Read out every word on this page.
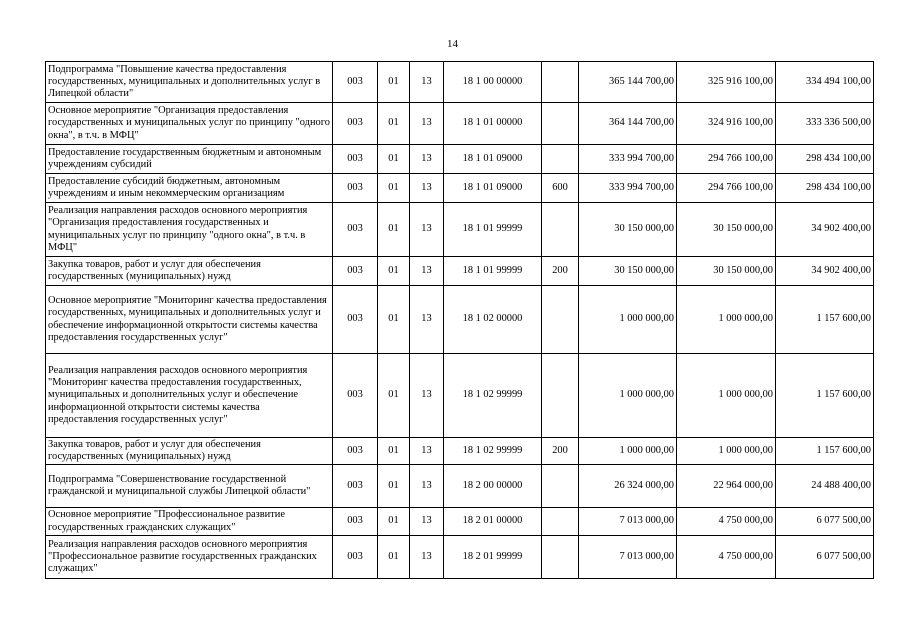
14
Подпрограмма "Повышение качества предоставления государственных, муниципальных и дополнительных услуг в Липецкой области"	003	01	13	18 1 00 00000		365 144 700,00	325 916 100,00	334 494 100,00
Основное мероприятие "Организация предоставления государственных и муниципальных услуг по принципу "одного окна", в т.ч. в МФЦ"	003	01	13	18 1 01 00000		364 144 700,00	324 916 100,00	333 336 500,00
Предоставление государственным бюджетным и автономным учреждениям субсидий	003	01	13	18 1 01 09000		333 994 700,00	294 766 100,00	298 434 100,00
Предоставление субсидий бюджетным, автономным учреждениям и иным некоммерческим организациям	003	01	13	18 1 01 09000	600	333 994 700,00	294 766 100,00	298 434 100,00
Реализация направления расходов основного мероприятия "Организация предоставления государственных и муниципальных услуг по принципу "одного окна", в т.ч. в МФЦ"	003	01	13	18 1 01 99999		30 150 000,00	30 150 000,00	34 902 400,00
Закупка товаров, работ и услуг для обеспечения государственных (муниципальных) нужд	003	01	13	18 1 01 99999	200	30 150 000,00	30 150 000,00	34 902 400,00
Основное мероприятие "Мониторинг качества предоставления государственных, муниципальных и дополнительных услуг и обеспечение информационной открытости системы качества предоставления государственных услуг"	003	01	13	18 1 02 00000		1 000 000,00	1 000 000,00	1 157 600,00
Реализация направления расходов основного мероприятия "Мониторинг качества предоставления государственных, муниципальных и дополнительных услуг и обеспечение информационной открытости системы качества предоставления государственных услуг"	003	01	13	18 1 02 99999		1 000 000,00	1 000 000,00	1 157 600,00
Закупка товаров, работ и услуг для обеспечения государственных (муниципальных) нужд	003	01	13	18 1 02 99999	200	1 000 000,00	1 000 000,00	1 157 600,00
Подпрограмма "Совершенствование государственной гражданской и муниципальной службы Липецкой области"	003	01	13	18 2 00 00000		26 324 000,00	22 964 000,00	24 488 400,00
Основное мероприятие "Профессиональное развитие государственных гражданских служащих"	003	01	13	18 2 01 00000		7 013 000,00	4 750 000,00	6 077 500,00
Реализация направления расходов основного мероприятия "Профессиональное развитие государственных гражданских служащих"	003	01	13	18 2 01 99999		7 013 000,00	4 750 000,00	6 077 500,00
